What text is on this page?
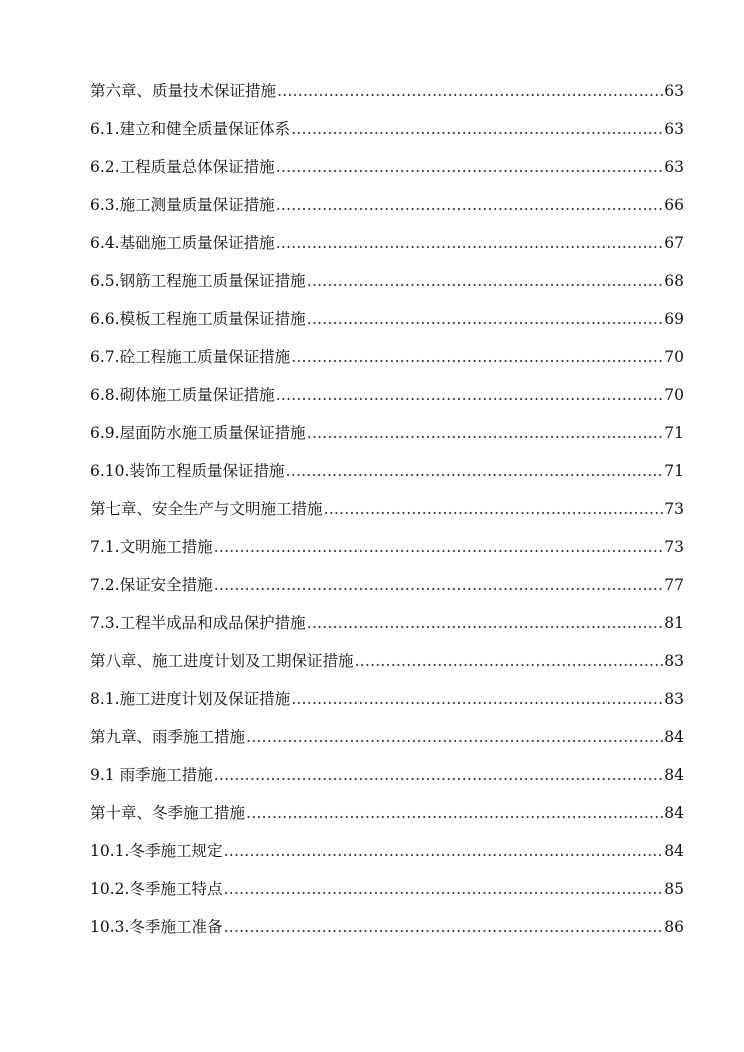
第六章、质量技术保证措施 …………………………………………………………………………………………………………………………………………………………………………………………	63
6.1.建立和健全质量保证体系 …………………………………………………………………………………………………………………………………………………………………………………………	63
6.2.工程质量总体保证措施 …………………………………………………………………………………………………………………………………………………………………………………………	63
6.3.施工测量质量保证措施 …………………………………………………………………………………………………………………………………………………………………………………………	66
6.4.基础施工质量保证措施 …………………………………………………………………………………………………………………………………………………………………………………………	67
6.5.钢筋工程施工质量保证措施 …………………………………………………………………………………………………………………………………………………………………………………………	68
6.6.模板工程施工质量保证措施 …………………………………………………………………………………………………………………………………………………………………………………………	69
6.7.砼工程施工质量保证措施 …………………………………………………………………………………………………………………………………………………………………………………………	70
6.8.砌体施工质量保证措施 …………………………………………………………………………………………………………………………………………………………………………………………	70
6.9.屋面防水施工质量保证措施 …………………………………………………………………………………………………………………………………………………………………………………………	71
6.10.装饰工程质量保证措施 …………………………………………………………………………………………………………………………………………………………………………………………	71
第七章、安全生产与文明施工措施 …………………………………………………………………………………………………………………………………………………………………………………………	73
7.1.文明施工措施 …………………………………………………………………………………………………………………………………………………………………………………………	73
7.2.保证安全措施 …………………………………………………………………………………………………………………………………………………………………………………………	77
7.3.工程半成品和成品保护措施 …………………………………………………………………………………………………………………………………………………………………………………………	81
第八章、施工进度计划及工期保证措施 …………………………………………………………………………………………………………………………………………………………………………………………	83
8.1.施工进度计划及保证措施 …………………………………………………………………………………………………………………………………………………………………………………………	83
第九章、雨季施工措施 …………………………………………………………………………………………………………………………………………………………………………………………	84
9.1 雨季施工措施 …………………………………………………………………………………………………………………………………………………………………………………………	84
第十章、冬季施工措施 …………………………………………………………………………………………………………………………………………………………………………………………	84
10.1.冬季施工规定 …………………………………………………………………………………………………………………………………………………………………………………………	84
10.2.冬季施工特点 …………………………………………………………………………………………………………………………………………………………………………………………	85
10.3.冬季施工准备 …………………………………………………………………………………………………………………………………………………………………………………………	86
